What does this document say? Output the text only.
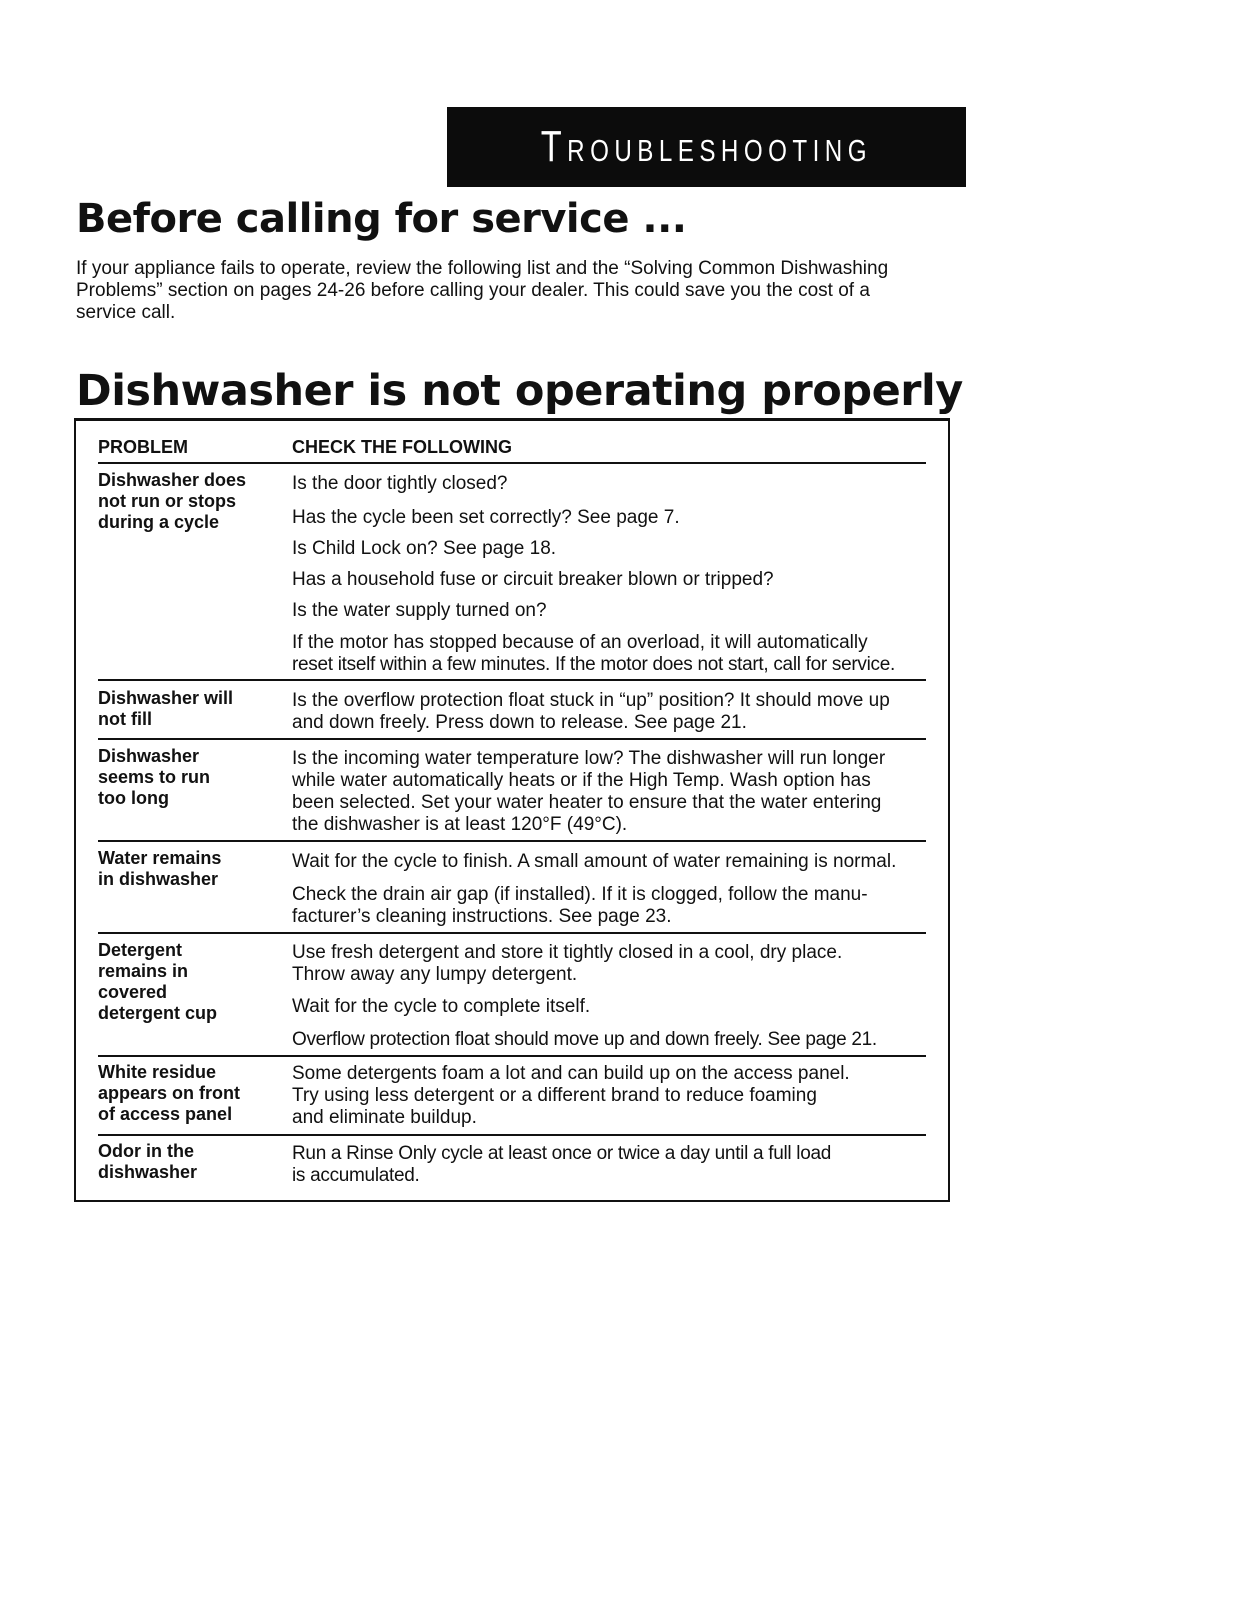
Troubleshooting
Before calling for service ...
If your appliance fails to operate, review the following list and the “Solving Common Dishwashing
Problems” section on pages 24-26 before calling your dealer. This could save you the cost of a
service call.
Dishwasher is not operating properly
PROBLEM	CHECK THE FOLLOWING
Dishwasher does
not run or stops
during a cycle
Is the door tightly closed?
Has the cycle been set correctly? See page 7.
Is Child Lock on? See page 18.
Has a household fuse or circuit breaker blown or tripped?
Is the water supply turned on?
If the motor has stopped because of an overload, it will automatically
reset itself within a few minutes. If the motor does not start, call for service.
Dishwasher will
not fill
Is the overflow protection float stuck in “up” position? It should move up
and down freely. Press down to release. See page 21.
Dishwasher
seems to run
too long
Is the incoming water temperature low? The dishwasher will run longer
while water automatically heats or if the High Temp. Wash option has
been selected. Set your water heater to ensure that the water entering
the dishwasher is at least 120°F (49°C).
Water remains
in dishwasher
Wait for the cycle to finish. A small amount of water remaining is normal.
Check the drain air gap (if installed). If it is clogged, follow the manu-
facturer’s cleaning instructions. See page 23.
Detergent
remains in
covered
detergent cup
Use fresh detergent and store it tightly closed in a cool, dry place.
Throw away any lumpy detergent.
Wait for the cycle to complete itself.
Overflow protection float should move up and down freely. See page 21.
White residue
appears on front
of access panel
Some detergents foam a lot and can build up on the access panel.
Try using less detergent or a different brand to reduce foaming
and eliminate buildup.
Odor in the
dishwasher
Run a Rinse Only cycle at least once or twice a day until a full load
is accumulated.
